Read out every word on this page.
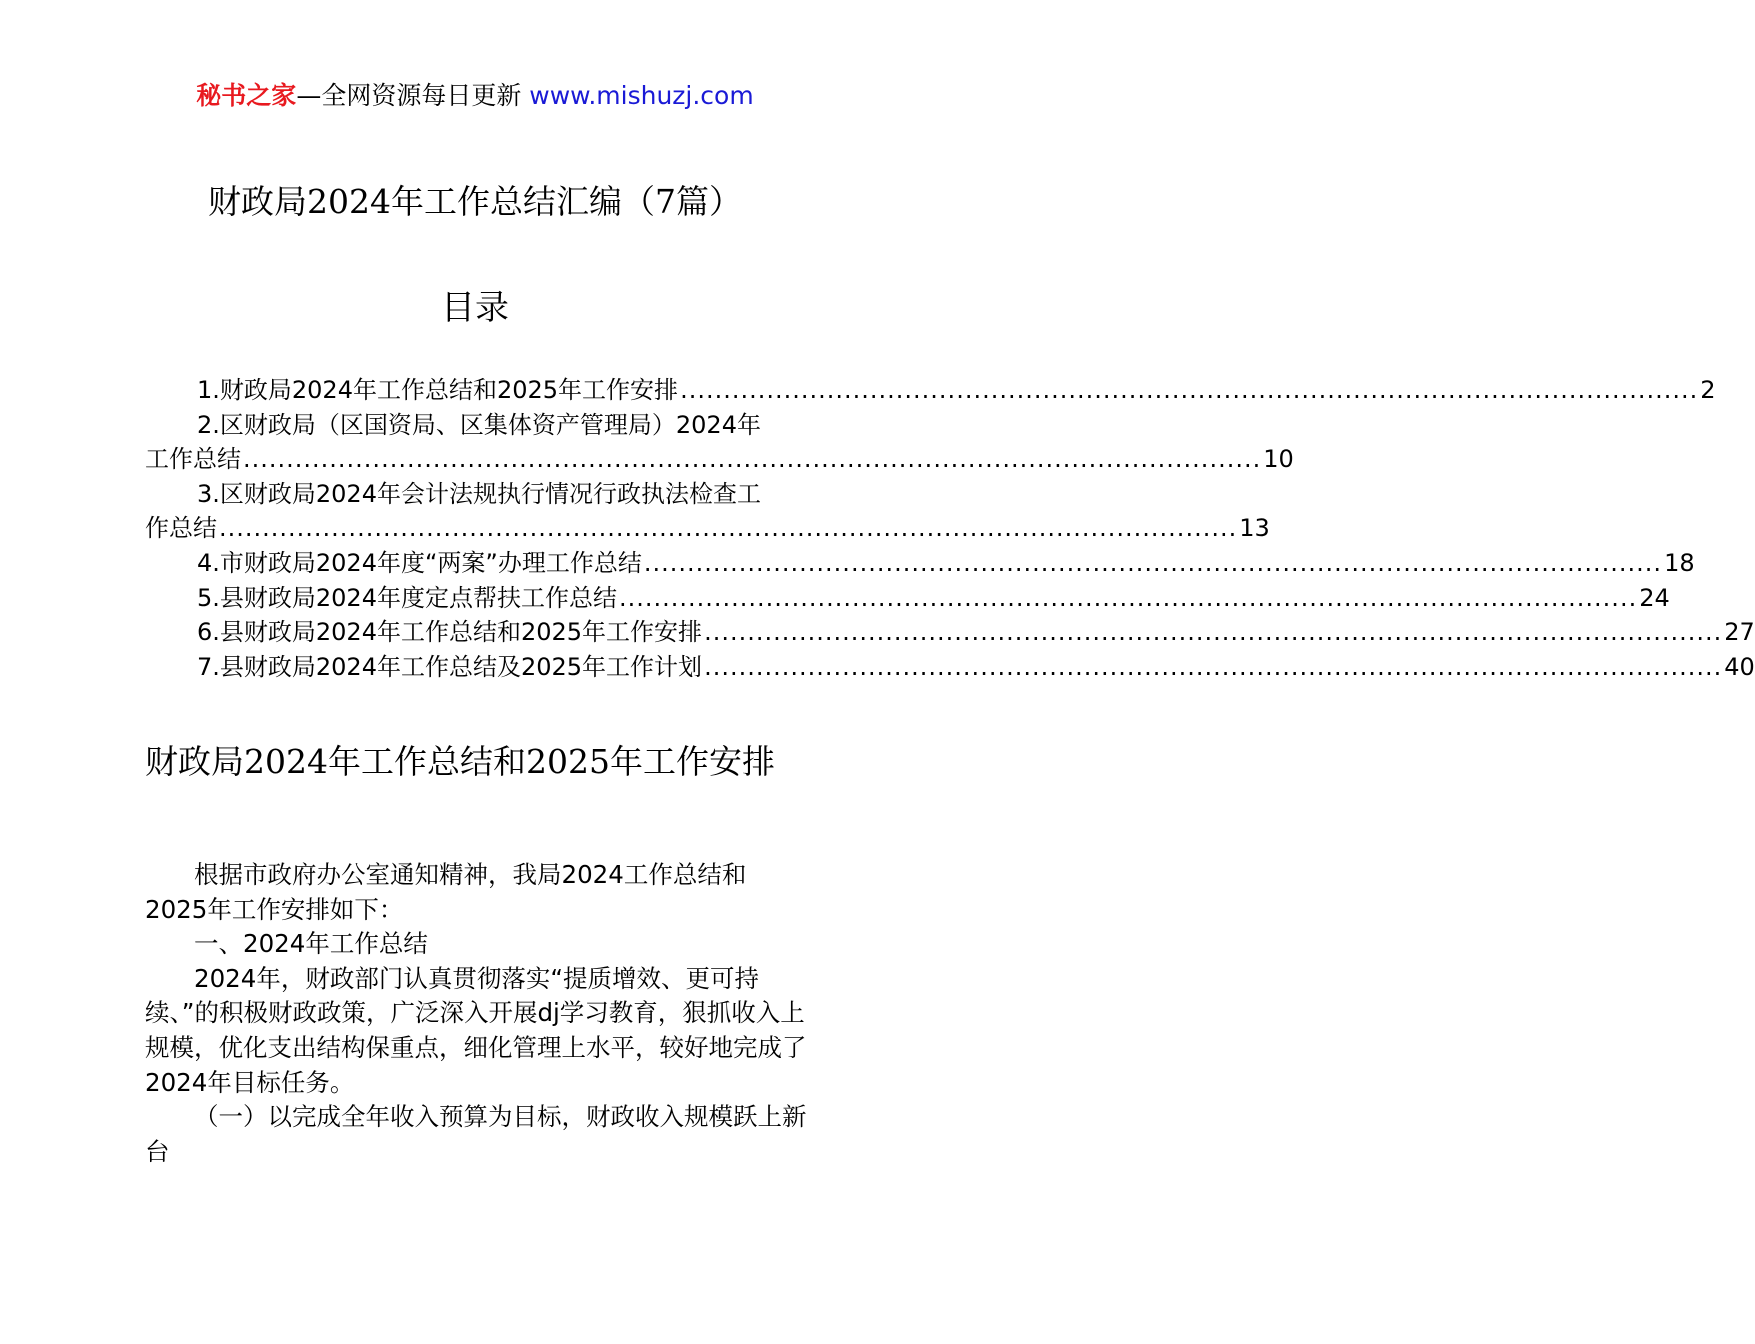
秘书之家—全网资源每日更新 www.mishuzj.com
财政局2024年工作总结汇编（7篇）
目录
1.财政局2024年工作总结和2025年工作安排 ...................................................................................................................... 2
2.区财政局（区国资局、区集体资产管理局）2024年
工作总结 ...................................................................................................................... 10
3.区财政局2024年会计法规执行情况行政执法检查工
作总结 ...................................................................................................................... 13
4.市财政局2024年度“两案”办理工作总结 ...................................................................................................................... 18
5.县财政局2024年度定点帮扶工作总结 ...................................................................................................................... 24
6.县财政局2024年工作总结和2025年工作安排 ...................................................................................................................... 27
7.县财政局2024年工作总结及2025年工作计划 ...................................................................................................................... 40
财政局2024年工作总结和2025年工作安排

根据市政府办公室通知精神，我局2024工作总结和2025年工作安排如下：

一、2024年工作总结

2024年，财政部门认真贯彻落实“提质增效、更可持续、”的积极财政政策，广泛深入开展dj学习教育，狠抓收入上规模，优化支出结构保重点，细化管理上水平，较好地完成了2024年目标任务。

（一）以完成全年收入预算为目标，财政收入规模跃上新台
